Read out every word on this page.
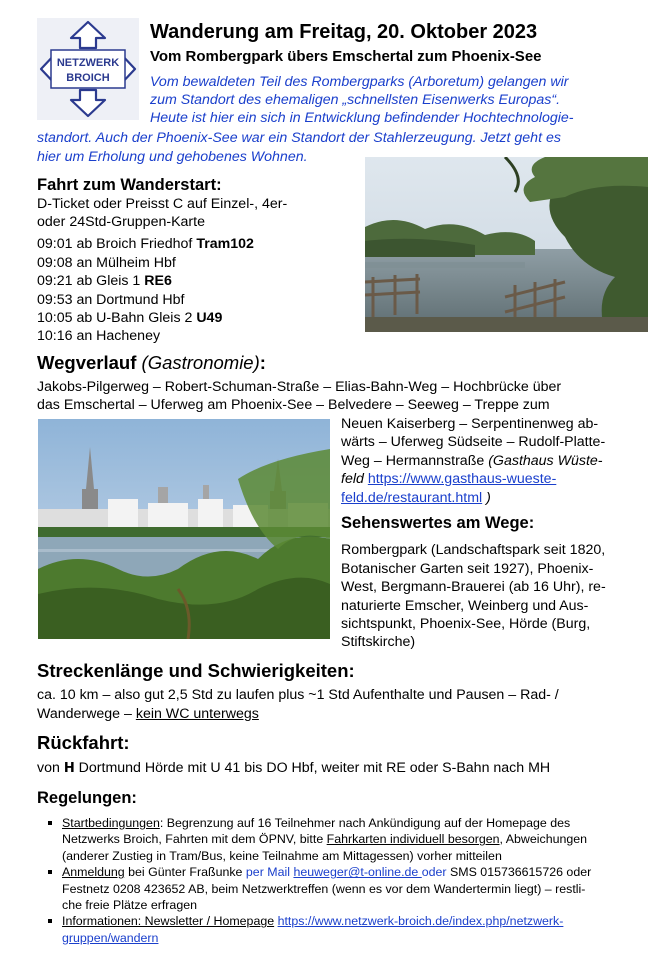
NETZWERK
BROICH
Wanderung am Freitag, 20. Oktober 2023
Vom Rombergpark übers Emschertal zum Phoenix-See
Vom bewaldeten Teil des Rombergparks (Arboretum) gelangen wir
zum Standort des ehemaligen „schnellsten Eisenwerks Europas“.
Heute ist hier ein sich in Entwicklung befindender Hochtechnologie-
standort. Auch der Phoenix-See war ein Standort der Stahlerzeugung. Jetzt geht es
hier um Erholung und gehobenes Wohnen.
Fahrt zum Wanderstart:
D-Ticket oder Preisst C auf Einzel-, 4er-
oder 24Std-Gruppen-Karte
09:01 ab Broich Friedhof Tram102
09:08 an Mülheim Hbf
09:21 ab Gleis 1 RE6
09:53 an Dortmund Hbf
10:05 ab U-Bahn Gleis 2 U49
10:16 an Hacheney
Wegverlauf (Gastronomie):
Jakobs-Pilgerweg – Robert-Schuman-Straße – Elias-Bahn-Weg – Hochbrücke über
das Emschertal – Uferweg am Phoenix-See – Belvedere – Seeweg – Treppe zum
Neuen Kaiserberg – Serpentinenweg ab-
wärts – Uferweg Südseite – Rudolf-Platte-
Weg – Hermannstraße (Gasthaus Wüste-
feld https://www.gasthaus-wueste-
feld.de/restaurant.html )
Sehenswertes am Wege:
Rombergpark (Landschaftspark seit 1820,
Botanischer Garten seit 1927), Phoenix-
West, Bergmann-Brauerei (ab 16 Uhr), re-
naturierte Emscher, Weinberg und Aus-
sichtspunkt, Phoenix-See, Hörde (Burg,
Stiftskirche)
Streckenlänge und Schwierigkeiten:
ca. 10 km – also gut 2,5 Std zu laufen plus ~1 Std Aufenthalte und Pausen – Rad- /
Wanderwege – kein WC unterwegs
Rückfahrt:
von H Dortmund Hörde mit U 41 bis DO Hbf, weiter mit RE oder S-Bahn nach MH
Regelungen:
Startbedingungen: Begrenzung auf 16 Teilnehmer nach Ankündigung auf der Homepage des
Netzwerks Broich, Fahrten mit dem ÖPNV, bitte Fahrkarten individuell besorgen, Abweichungen
(anderer Zustieg in Tram/Bus, keine Teilnahme am Mittagessen) vorher mitteilen
Anmeldung bei Günter Fraßunke per Mail heuweger@t-online.de oder SMS 015736615726 oder
Festnetz 0208 423652 AB, beim Netzwerktreffen (wenn es vor dem Wandertermin liegt) – restli-
che freie Plätze erfragen
Informationen: Newsletter / Homepage https://www.netzwerk-broich.de/index.php/netzwerk-
gruppen/wandern
